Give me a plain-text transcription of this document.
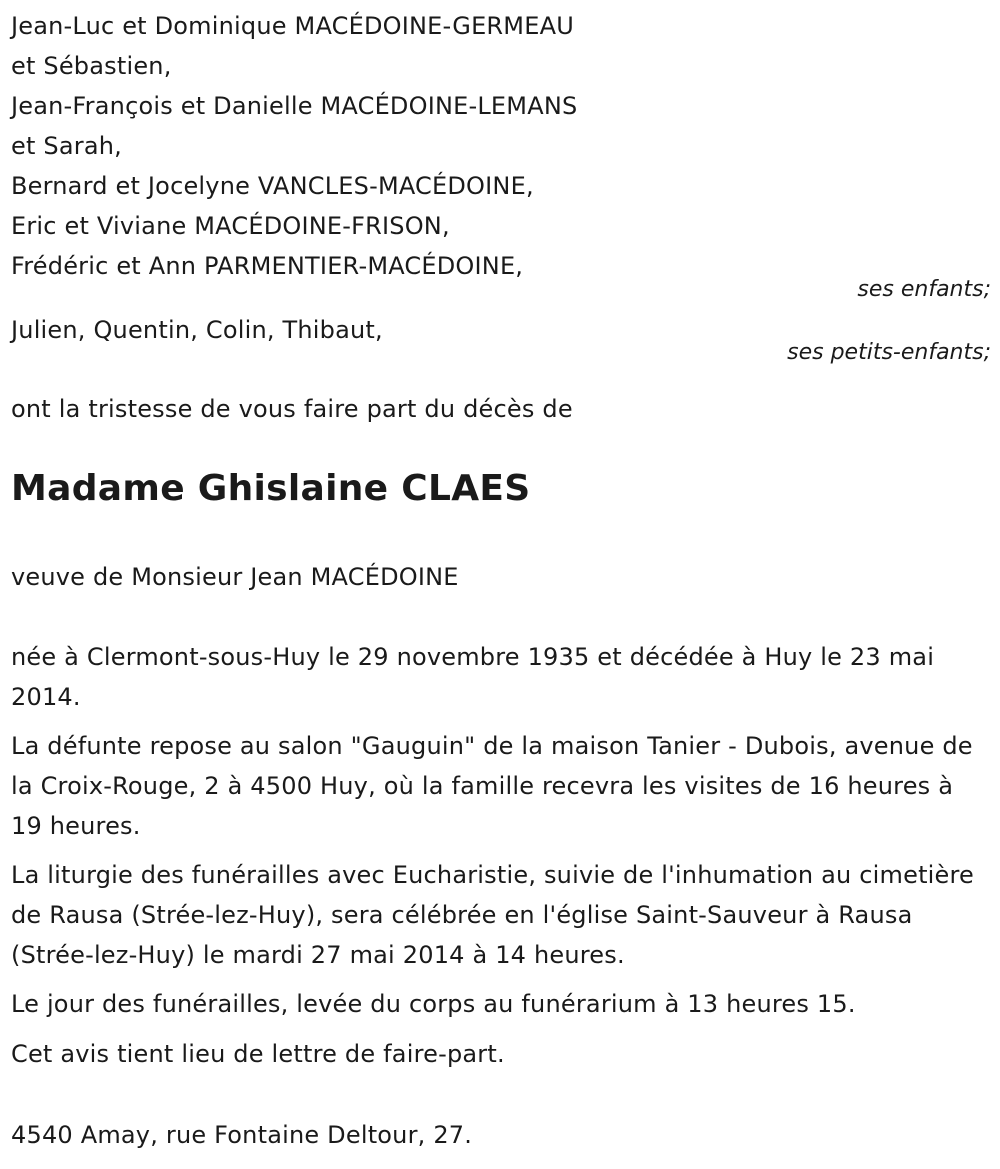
Jean-Luc et Dominique MACÉDOINE-GERMEAU
et Sébastien,
Jean-François et Danielle MACÉDOINE-LEMANS
et Sarah,
Bernard et Jocelyne VANCLES-MACÉDOINE,
Eric et Viviane MACÉDOINE-FRISON,
Frédéric et Ann PARMENTIER-MACÉDOINE,
ses enfants;
Julien, Quentin, Colin, Thibaut,
ses petits-enfants;
ont la tristesse de vous faire part du décès de
Madame Ghislaine CLAES
veuve de Monsieur Jean MACÉDOINE
née à Clermont-sous-Huy le 29 novembre 1935 et décédée à Huy le 23 mai 2014.
La défunte repose au salon "Gauguin" de la maison Tanier - Dubois, avenue de la Croix-Rouge, 2 à 4500 Huy, où la famille recevra les visites de 16 heures à 19 heures.
La liturgie des funérailles avec Eucharistie, suivie de l'inhumation au cimetière de Rausa (Strée-lez-Huy), sera célébrée en l'église Saint-Sauveur à Rausa (Strée-lez-Huy) le mardi 27 mai 2014 à 14 heures.
Le jour des funérailles, levée du corps au funérarium à 13 heures 15.
Cet avis tient lieu de lettre de faire-part.
4540 Amay, rue Fontaine Deltour, 27.
